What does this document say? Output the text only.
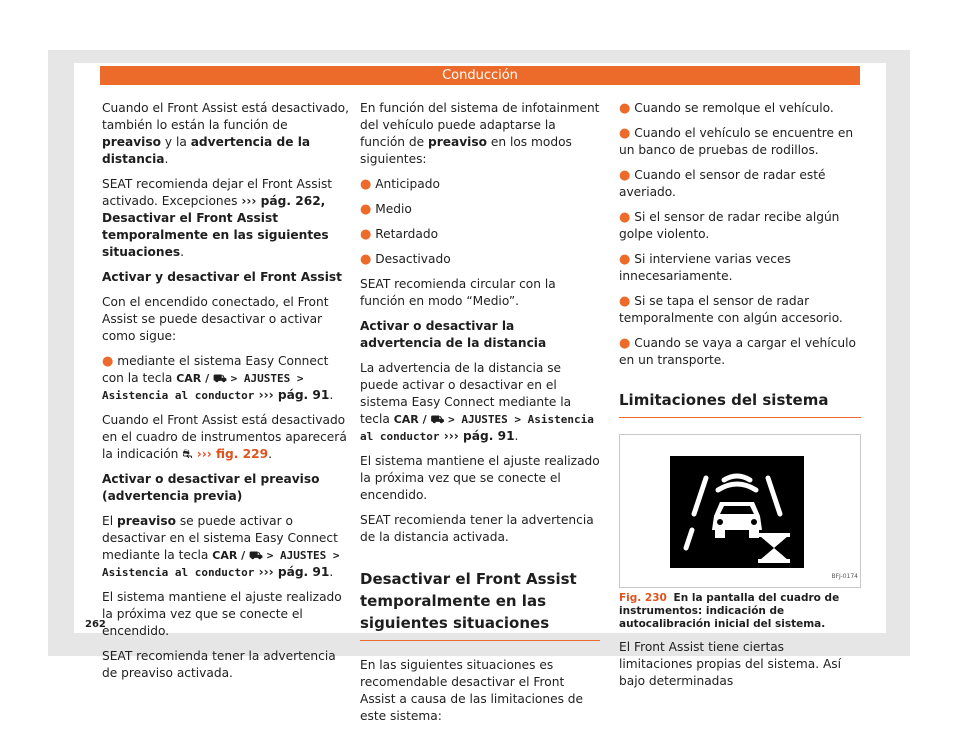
Conducción

Cuando el Front Assist está desactivado, también lo están la función de preaviso y la advertencia de la distancia.

SEAT recomienda dejar el Front Assist activado. Excepciones ››› pág. 262, Desactivar el Front Assist temporalmente en las siguientes situaciones.

Activar y desactivar el Front Assist

Con el encendido conectado, el Front Assist se puede desactivar o activar como sigue:

● mediante el sistema Easy Connect con la tecla CAR / ⛟ > AJUSTES > Asistencia al conductor ››› pág. 91.

Cuando el Front Assist está desactivado en el cuadro de instrumentos aparecerá la indicación ⛐ ››› fig. 229.

Activar o desactivar el preaviso (advertencia previa)

El preaviso se puede activar o desactivar en el sistema Easy Connect mediante la tecla CAR / ⛟ > AJUSTES > Asistencia al conductor ››› pág. 91.

El sistema mantiene el ajuste realizado la próxima vez que se conecte el encendido.

SEAT recomienda tener la advertencia de preaviso activada.

En función del sistema de infotainment del vehículo puede adaptarse la función de preaviso en los modos siguientes:

● Anticipado

● Medio

● Retardado

● Desactivado

SEAT recomienda circular con la función en modo “Medio”.

Activar o desactivar la advertencia de la distancia

La advertencia de la distancia se puede activar o desactivar en el sistema Easy Connect mediante la tecla CAR / ⛟ > AJUSTES > Asistencia al conductor ››› pág. 91.

El sistema mantiene el ajuste realizado la próxima vez que se conecte el encendido.

SEAT recomienda tener la advertencia de la distancia activada.

Desactivar el Front Assist temporalmente en las siguientes situaciones

En las siguientes situaciones es recomendable desactivar el Front Assist a causa de las limitaciones de este sistema:

● Cuando se remolque el vehículo.

● Cuando el vehículo se encuentre en un banco de pruebas de rodillos.

● Cuando el sensor de radar esté averiado.

● Si el sensor de radar recibe algún golpe violento.

● Si interviene varias veces innecesariamente.

● Si se tapa el sensor de radar temporalmente con algún accesorio.

● Cuando se vaya a cargar el vehículo en un transporte.

Limitaciones del sistema
BFJ-0174

Fig. 230 En la pantalla del cuadro de instrumentos: indicación de autocalibración inicial del sistema.

El Front Assist tiene ciertas limitaciones propias del sistema. Así bajo determinadas

262
